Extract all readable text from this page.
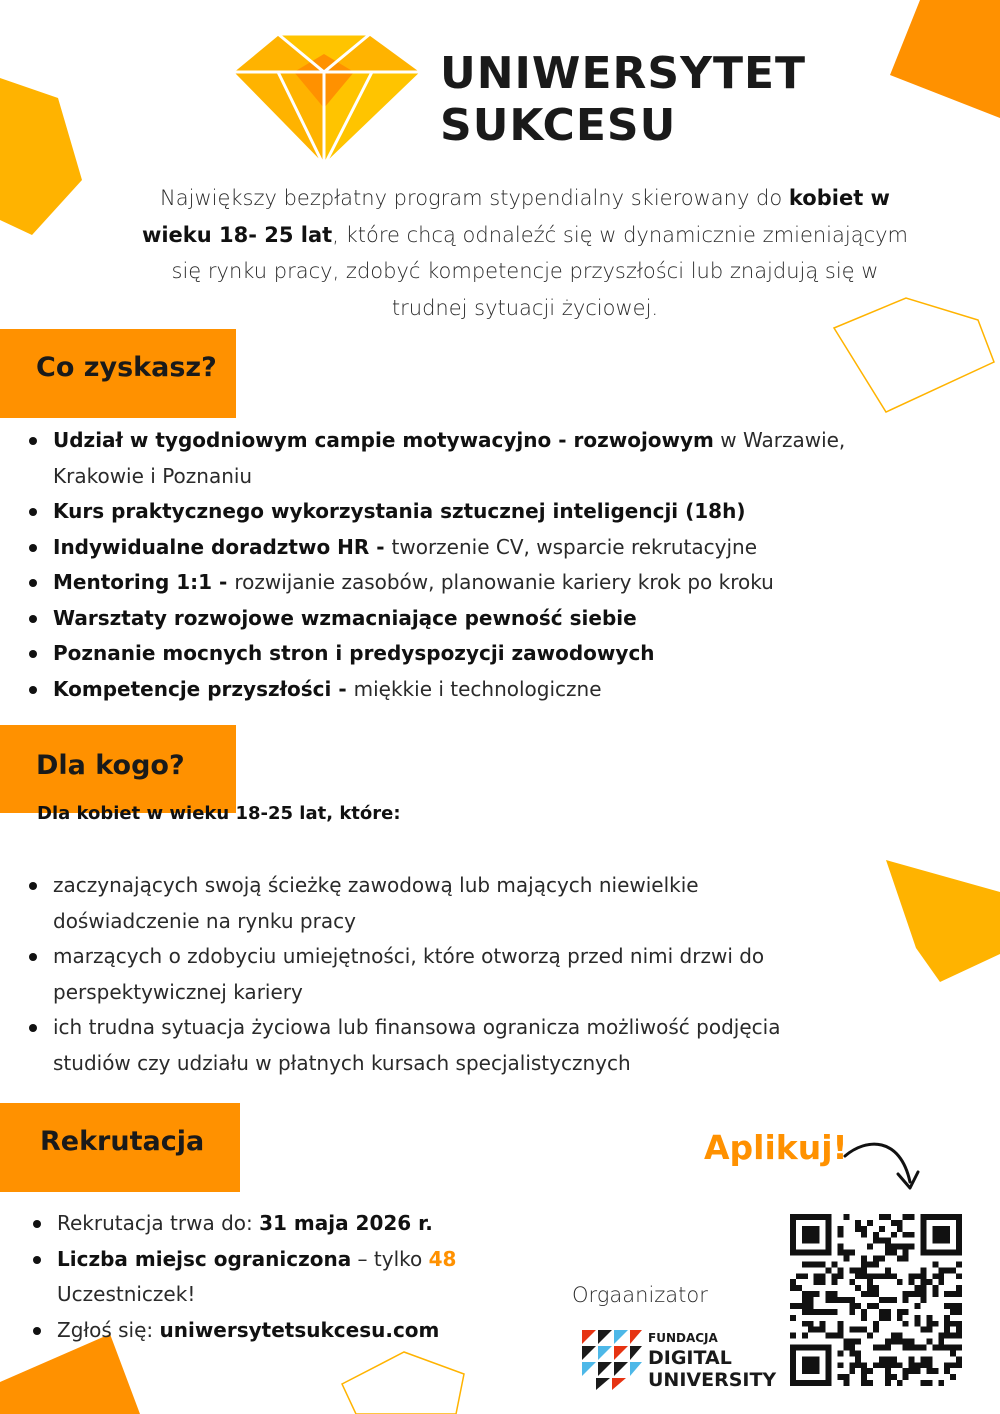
UNIWERSYTET
SUKCESU
Największy bezpłatny program stypendialny skierowany do kobiet w wieku 18- 25 lat, które chcą odnaleźć się w dynamicznie zmieniającym się rynku pracy, zdobyć kompetencje przyszłości lub znajdują się w trudnej sytuacji życiowej.
Co zyskasz?
Udział w tygodniowym campie motywacyjno - rozwojowym w Warzawie, Krakowie i Poznaniu
Kurs praktycznego wykorzystania sztucznej inteligencji (18h)
Indywidualne doradztwo HR - tworzenie CV, wsparcie rekrutacyjne
Mentoring 1:1 - rozwijanie zasobów, planowanie kariery krok po kroku
Warsztaty rozwojowe wzmacniające pewność siebie
Poznanie mocnych stron i predyspozycji zawodowych
Kompetencje przyszłości - miękkie i technologiczne
Dla kogo?
Dla kobiet w wieku 18-25 lat, które:
zaczynających swoją ścieżkę zawodową lub mających niewielkie doświadczenie na rynku pracy
marzących o zdobyciu umiejętności, które otworzą przed nimi drzwi do perspektywicznej kariery
ich trudna sytuacja życiowa lub finansowa ogranicza możliwość podjęcia studiów czy udziału w płatnych kursach specjalistycznych
Rekrutacja
Rekrutacja trwa do: 31 maja 2026 r.
Liczba miejsc ograniczona – tylko 48 Uczestniczek!
Zgłoś się: uniwersytetsukcesu.com
Aplikuj!
Orgaanizator
FUNDACJA
DIGITAL
UNIVERSITY
